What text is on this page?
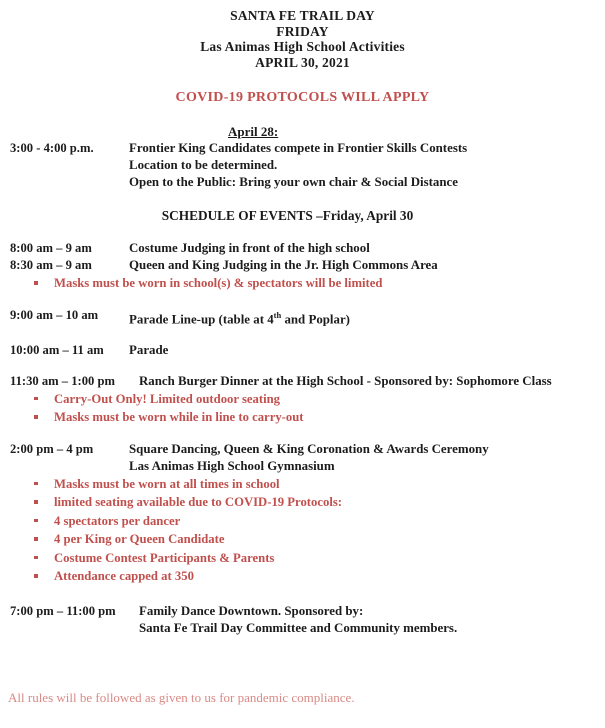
SANTA FE TRAIL DAY
FRIDAY
Las Animas High School Activities
APRIL 30, 2021
COVID-19 PROTOCOLS WILL APPLY
April 28:
3:00 - 4:00 p.m.	Frontier King Candidates compete in Frontier Skills Contests
Location to be determined.
Open to the Public: Bring your own chair & Social Distance
SCHEDULE OF EVENTS –Friday, April 30
8:00 am – 9 am	Costume Judging in front of the high school
8:30 am – 9 am	Queen and King Judging in the Jr. High Commons Area
Masks must be worn in school(s) & spectators will be limited
9:00 am – 10 am	Parade Line-up (table at 4th and Poplar)
10:00 am – 11 am	Parade
11:30 am – 1:00 pm	Ranch Burger Dinner at the High School - Sponsored by: Sophomore Class
Carry-Out Only! Limited outdoor seating
Masks must be worn while in line to carry-out
2:00 pm – 4 pm	Square Dancing, Queen & King Coronation & Awards Ceremony
Las Animas High School Gymnasium
Masks must be worn at all times in school
limited seating available due to COVID-19 Protocols:
4 spectators per dancer
4 per King or Queen Candidate
Costume Contest Participants & Parents
Attendance capped at 350
7:00 pm – 11:00 pm	Family Dance Downtown. Sponsored by:
Santa Fe Trail Day Committee and Community members.
All rules will be followed as given to us for pandemic compliance.
